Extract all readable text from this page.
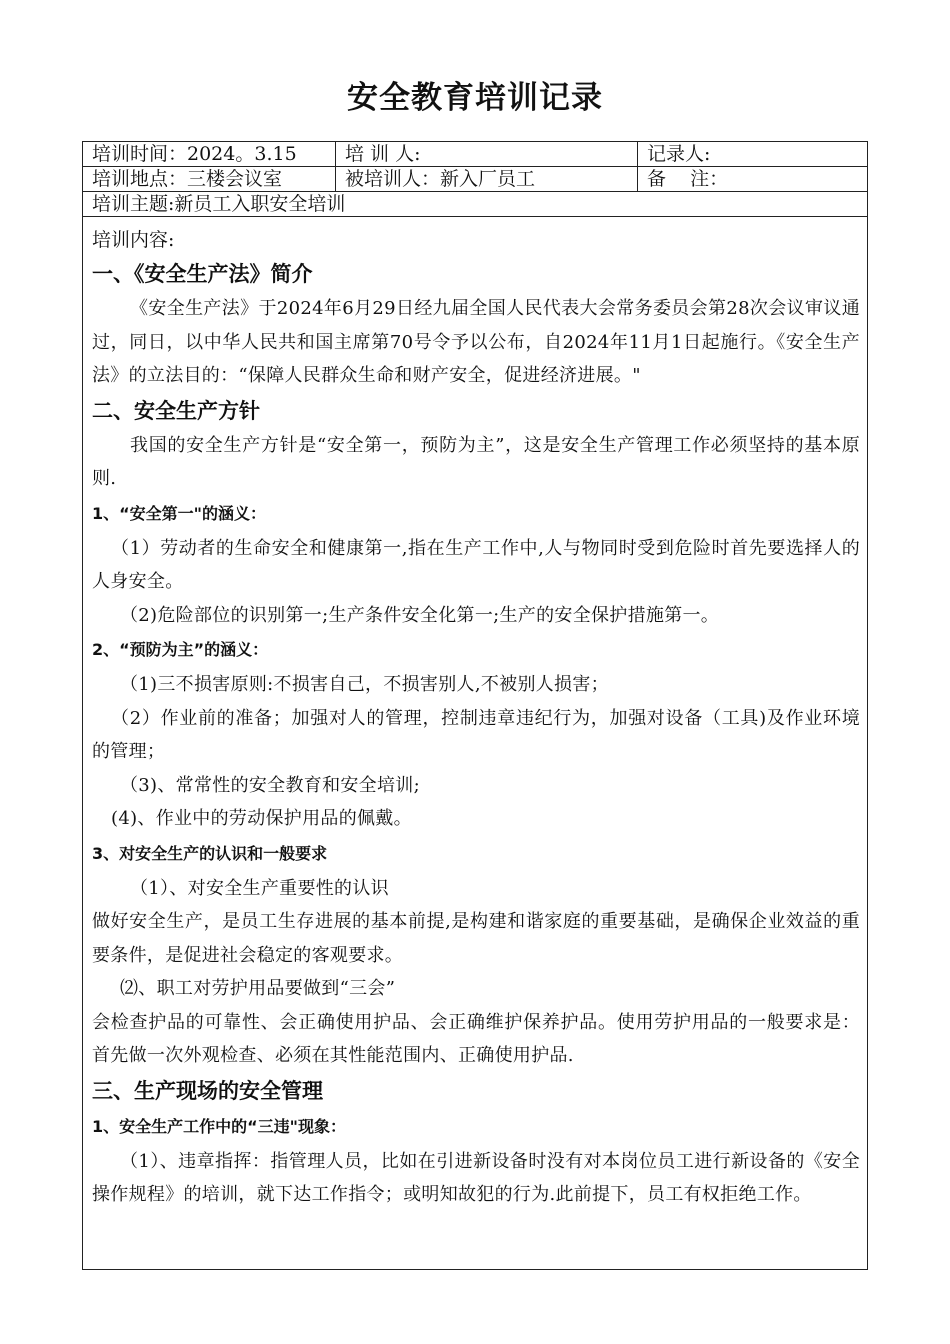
安全教育培训记录
培训时间：2024。3.15	培 训 人:	记录人:
培训地点：三楼会议室	被培训人：新入厂员工	备    注：
培训主题:新员工入职安全培训
培训内容:
一、《安全生产法》简介
《安全生产法》于2024年6月29日经九届全国人民代表大会常务委员会第28次会议审议通过，同日，以中华人民共和国主席第70号令予以公布，自2024年11月1日起施行。《安全生产法》的立法目的：“保障人民群众生命和财产安全，促进经济进展。"
二、安全生产方针
我国的安全生产方针是“安全第一，预防为主”，这是安全生产管理工作必须坚持的基本原则.
1、“安全第一"的涵义：
（1）劳动者的生命安全和健康第一,指在生产工作中,人与物同时受到危险时首先要选择人的人身安全。
（2)危险部位的识别第一;生产条件安全化第一;生产的安全保护措施第一。
2、“预防为主”的涵义：
（1)三不损害原则:不损害自己，不损害别人,不被别人损害；
（2）作业前的准备；加强对人的管理，控制违章违纪行为，加强对设备（工具)及作业环境的管理；
（3)、常常性的安全教育和安全培训;
(4)、作业中的劳动保护用品的佩戴。
3、对安全生产的认识和一般要求
（1）、对安全生产重要性的认识
做好安全生产，是员工生存进展的基本前提,是构建和谐家庭的重要基础，是确保企业效益的重要条件，是促进社会稳定的客观要求。
⑵、职工对劳护用品要做到“三会”
会检查护品的可靠性、会正确使用护品、会正确维护保养护品。使用劳护用品的一般要求是：首先做一次外观检查、必须在其性能范围内、正确使用护品.
三、生产现场的安全管理
1、安全生产工作中的“三违"现象：
（1）、违章指挥：指管理人员，比如在引进新设备时没有对本岗位员工进行新设备的《安全操作规程》的培训，就下达工作指令；或明知故犯的行为.此前提下，员工有权拒绝工作。
